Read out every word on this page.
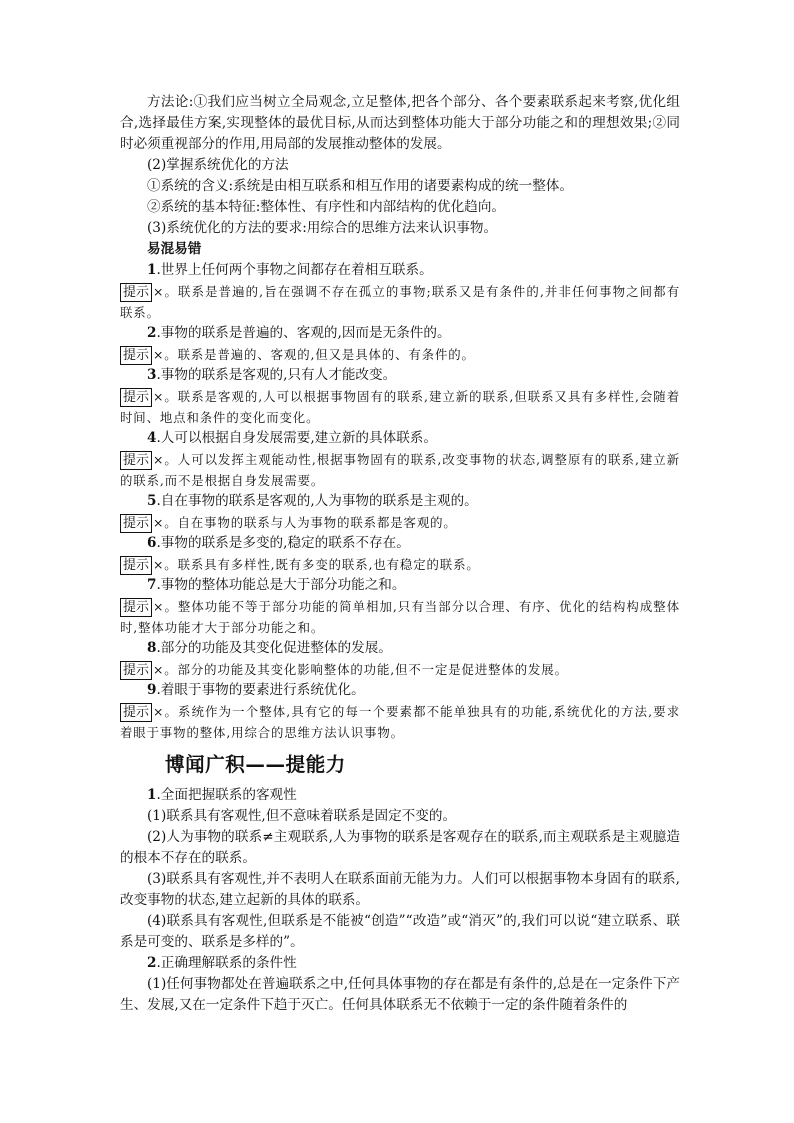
方法论:①我们应当树立全局观念,立足整体,把各个部分、各个要素联系起来考察,优化组合,选择最佳方案,实现整体的最优目标,从而达到整体功能大于部分功能之和的理想效果;②同时必须重视部分的作用,用局部的发展推动整体的发展。

(2)掌握系统优化的方法

①系统的含义:系统是由相互联系和相互作用的诸要素构成的统一整体。

②系统的基本特征:整体性、有序性和内部结构的优化趋向。

(3)系统优化的方法的要求:用综合的思维方法来认识事物。

易混易错

1.世界上任何两个事物之间都存在着相互联系。

提示 ×。联系是普遍的,旨在强调不存在孤立的事物;联系又是有条件的,并非任何事物之间都有联系。

2.事物的联系是普遍的、客观的,因而是无条件的。

提示 ×。联系是普遍的、客观的,但又是具体的、有条件的。

3.事物的联系是客观的,只有人才能改变。

提示 ×。联系是客观的,人可以根据事物固有的联系,建立新的联系,但联系又具有多样性,会随着时间、地点和条件的变化而变化。

4.人可以根据自身发展需要,建立新的具体联系。

提示 ×。人可以发挥主观能动性,根据事物固有的联系,改变事物的状态,调整原有的联系,建立新的联系,而不是根据自身发展需要。

5.自在事物的联系是客观的,人为事物的联系是主观的。

提示 ×。自在事物的联系与人为事物的联系都是客观的。

6.事物的联系是多变的,稳定的联系不存在。

提示 ×。联系具有多样性,既有多变的联系,也有稳定的联系。

7.事物的整体功能总是大于部分功能之和。

提示 ×。整体功能不等于部分功能的简单相加,只有当部分以合理、有序、优化的结构构成整体时,整体功能才大于部分功能之和。

8.部分的功能及其变化促进整体的发展。

提示 ×。部分的功能及其变化影响整体的功能,但不一定是促进整体的发展。

9.着眼于事物的要素进行系统优化。

提示 ×。系统作为一个整体,具有它的每一个要素都不能单独具有的功能,系统优化的方法,要求着眼于事物的整体,用综合的思维方法认识事物。

博闻广积——提能力

1.全面把握联系的客观性

(1)联系具有客观性,但不意味着联系是固定不变的。

(2)人为事物的联系≠主观联系,人为事物的联系是客观存在的联系,而主观联系是主观臆造的根本不存在的联系。

(3)联系具有客观性,并不表明人在联系面前无能为力。人们可以根据事物本身固有的联系,改变事物的状态,建立起新的具体的联系。

(4)联系具有客观性,但联系是不能被“创造”“改造”或“消灭”的,我们可以说“建立联系、联系是可变的、联系是多样的”。

2.正确理解联系的条件性

(1)任何事物都处在普遍联系之中,任何具体事物的存在都是有条件的,总是在一定条件下产生、发展,又在一定条件下趋于灭亡。任何具体联系无不依赖于一定的条件随着条件的
